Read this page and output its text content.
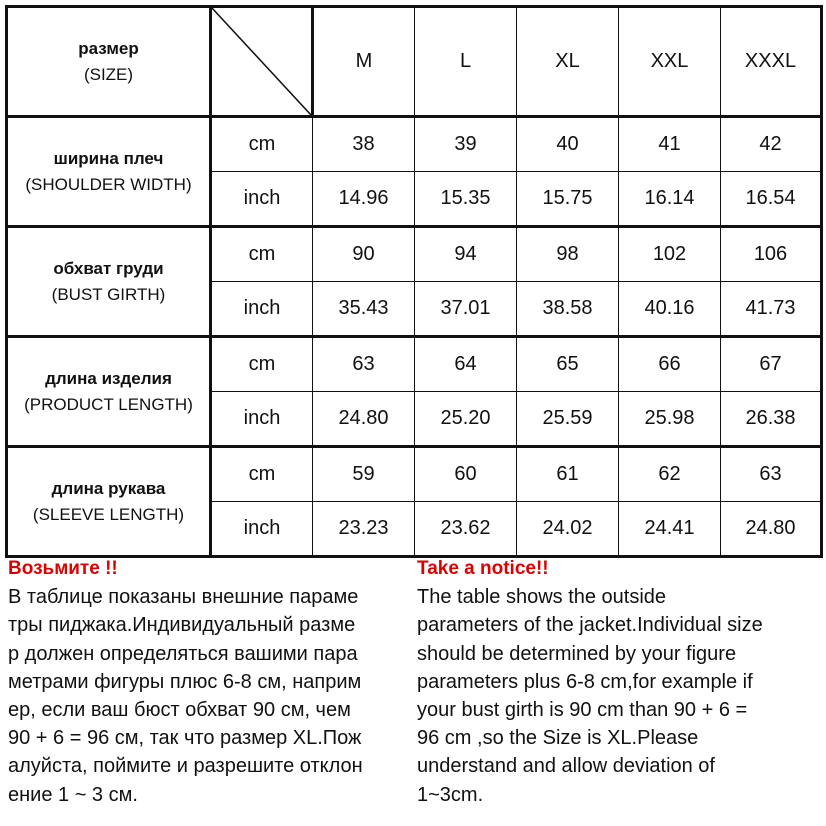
размер
(SIZE)		M	L	XL	XXL	XXXL

ширина плеч
(SHOULDER WIDTH)	cm	38	39	40	41	42
	inch	14.96	15.35	15.75	16.14	16.54

обхват груди
(BUST GIRTH)	cm	90	94	98	102	106
	inch	35.43	37.01	38.58	40.16	41.73

длина изделия
(PRODUCT LENGTH)	cm	63	64	65	66	67
	inch	24.80	25.20	25.59	25.98	26.38

длина рукава
(SLEEVE LENGTH)	cm	59	60	61	62	63
	inch	23.23	23.62	24.02	24.41	24.80
Возьмите !!
В таблице показаны внешние параме
тры пиджака.Индивидуальный разме
р должен определяться вашими пара
метрами фигуры плюс 6-8 см, наприм
ер, если ваш бюст обхват 90 см, чем
90 + 6 = 96 см, так что размер XL.Пож
алуйста, поймите и разрешите отклон
ение 1 ~ 3 см.
Take a notice!!
The table shows the outside
parameters of the jacket.Individual size
should be determined by your figure
parameters plus 6-8 cm,for example if
your bust girth is 90 cm than 90 + 6 =
96 cm ,so the Size is XL.Please
understand and allow deviation of
1~3cm.
